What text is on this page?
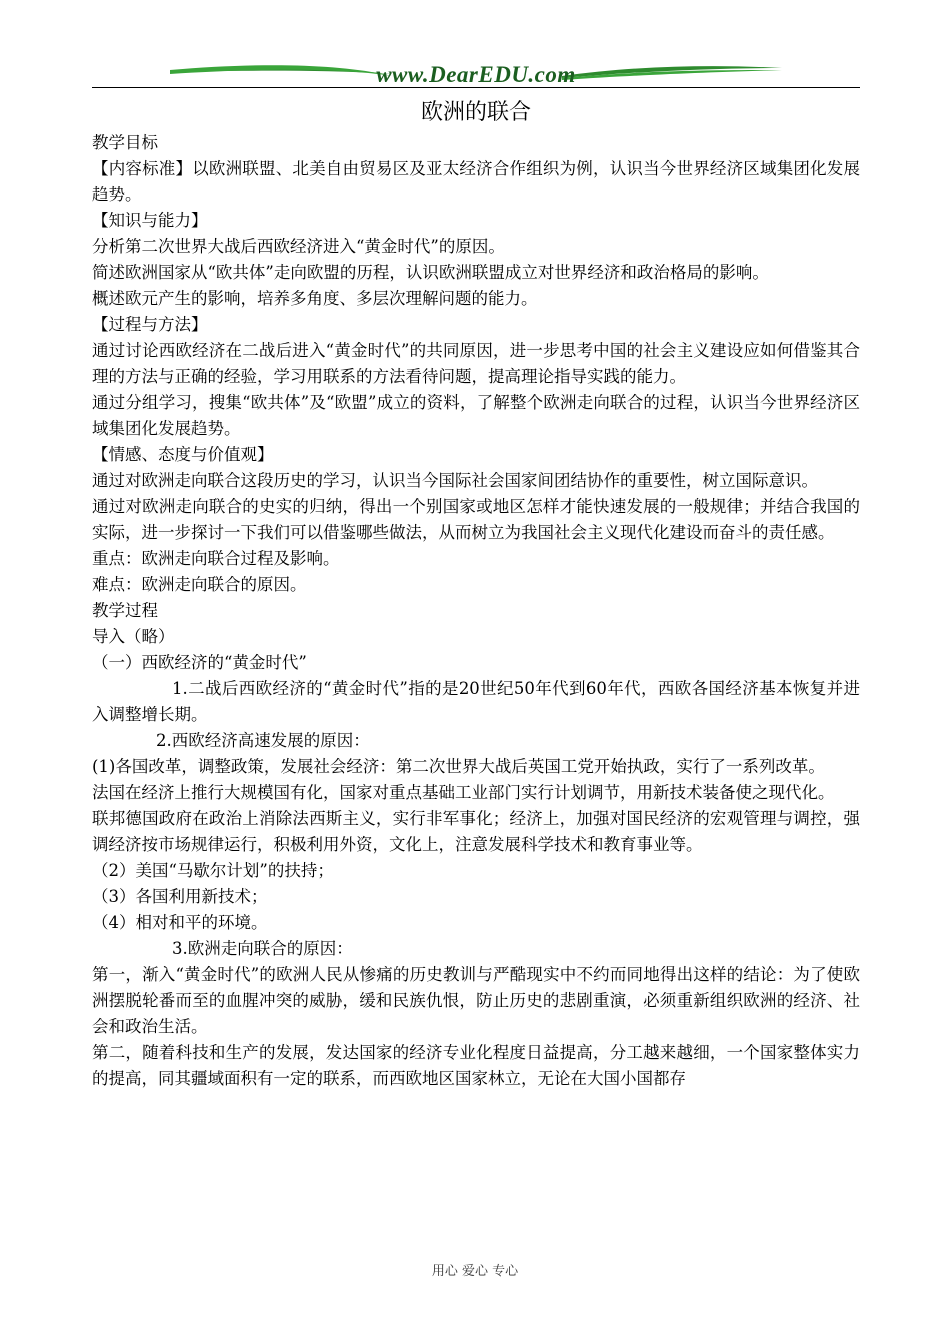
www.DearEDU.com
欧洲的联合

教学目标

【内容标准】以欧洲联盟、北美自由贸易区及亚太经济合作组织为例，认识当今世界经济区域集团化发展趋势。

【知识与能力】

分析第二次世界大战后西欧经济进入“黄金时代”的原因。

简述欧洲国家从“欧共体”走向欧盟的历程，认识欧洲联盟成立对世界经济和政治格局的影响。

概述欧元产生的影响，培养多角度、多层次理解问题的能力。

【过程与方法】

通过讨论西欧经济在二战后进入“黄金时代”的共同原因，进一步思考中国的社会主义建设应如何借鉴其合理的方法与正确的经验，学习用联系的方法看待问题，提高理论指导实践的能力。

通过分组学习，搜集“欧共体”及“欧盟”成立的资料，了解整个欧洲走向联合的过程，认识当今世界经济区域集团化发展趋势。

【情感、态度与价值观】

通过对欧洲走向联合这段历史的学习，认识当今国际社会国家间团结协作的重要性，树立国际意识。

通过对欧洲走向联合的史实的归纳，得出一个别国家或地区怎样才能快速发展的一般规律；并结合我国的实际，进一步探讨一下我们可以借鉴哪些做法，从而树立为我国社会主义现代化建设而奋斗的责任感。

重点：欧洲走向联合过程及影响。

难点：欧洲走向联合的原因。

教学过程

导入（略）

（一）西欧经济的“黄金时代”

1.二战后西欧经济的“黄金时代”指的是20世纪50年代到60年代，西欧各国经济基本恢复并进入调整增长期。

2.西欧经济高速发展的原因：

(1)各国改革，调整政策，发展社会经济：第二次世界大战后英国工党开始执政，实行了一系列改革。

法国在经济上推行大规模国有化，国家对重点基础工业部门实行计划调节，用新技术装备使之现代化。

联邦德国政府在政治上消除法西斯主义，实行非军事化；经济上，加强对国民经济的宏观管理与调控，强调经济按市场规律运行，积极利用外资，文化上，注意发展科学技术和教育事业等。

（2）美国“马歇尔计划”的扶持；

（3）各国利用新技术；

（4）相对和平的环境。

3.欧洲走向联合的原因：

第一，渐入“黄金时代”的欧洲人民从惨痛的历史教训与严酷现实中不约而同地得出这样的结论：为了使欧洲摆脱轮番而至的血腥冲突的威胁，缓和民族仇恨，防止历史的悲剧重演，必须重新组织欧洲的经济、社会和政治生活。

第二，随着科技和生产的发展，发达国家的经济专业化程度日益提高，分工越来越细，一个国家整体实力的提高，同其疆域面积有一定的联系，而西欧地区国家林立，无论在大国小国都存

用心 爱心 专心
